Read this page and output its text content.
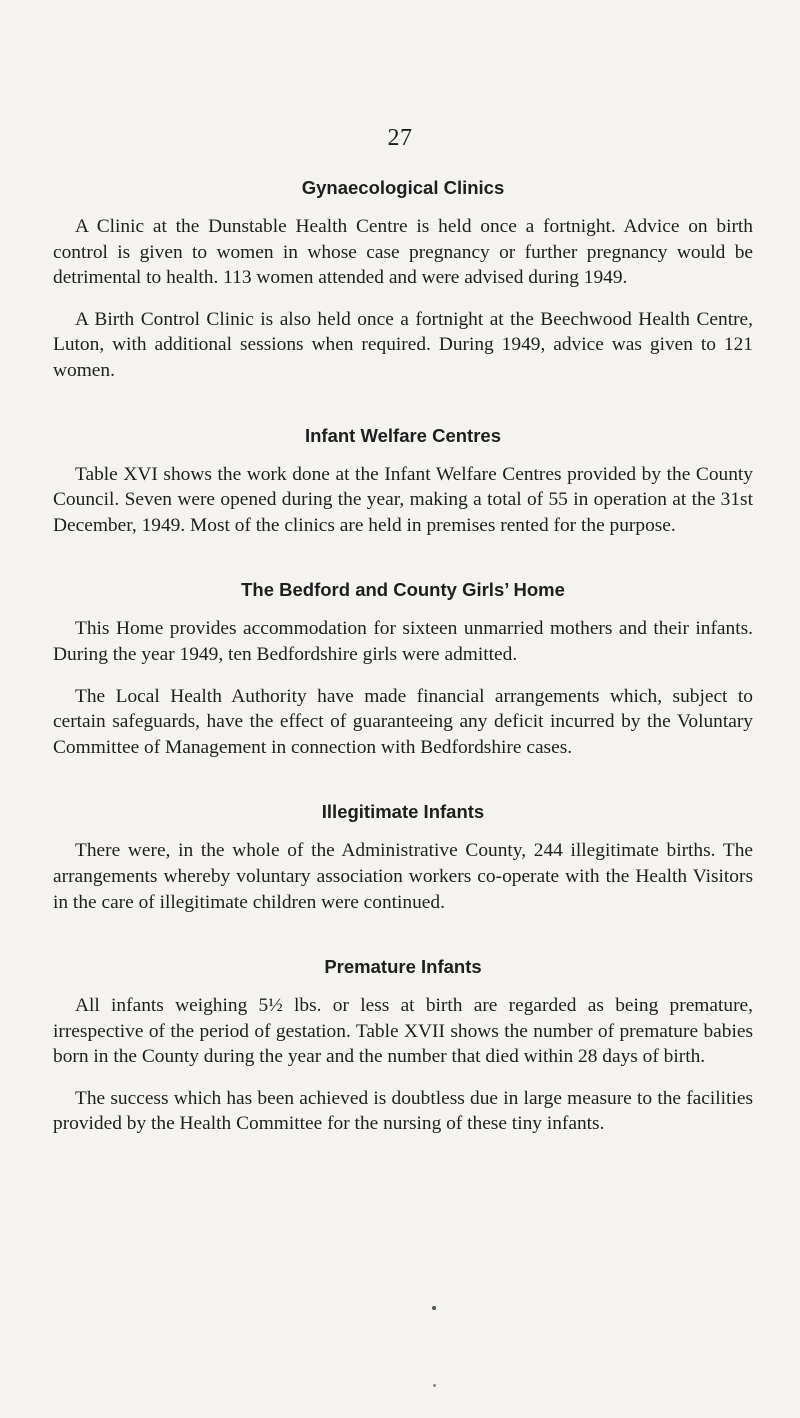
27
Gynaecological Clinics

A Clinic at the Dunstable Health Centre is held once a fortnight. Advice on birth control is given to women in whose case pregnancy or further pregnancy would be detrimental to health. 113 women attended and were advised during 1949.

A Birth Control Clinic is also held once a fortnight at the Beechwood Health Centre, Luton, with additional sessions when required. During 1949, advice was given to 121 women.

Infant Welfare Centres

Table XVI shows the work done at the Infant Welfare Centres provided by the County Council. Seven were opened during the year, making a total of 55 in operation at the 31st December, 1949. Most of the clinics are held in premises rented for the purpose.

The Bedford and County Girls’ Home

This Home provides accommodation for sixteen unmarried mothers and their infants. During the year 1949, ten Bedfordshire girls were admitted.

The Local Health Authority have made financial arrangements which, subject to certain safeguards, have the effect of guaranteeing any deficit incurred by the Voluntary Committee of Management in connection with Bedfordshire cases.

Illegitimate Infants

There were, in the whole of the Administrative County, 244 illegitimate births. The arrangements whereby voluntary association workers co-operate with the Health Visitors in the care of illegitimate children were continued.

Premature Infants

All infants weighing 5½ lbs. or less at birth are regarded as being premature, irrespective of the period of gestation. Table XVII shows the number of premature babies born in the County during the year and the number that died within 28 days of birth.

The success which has been achieved is doubtless due in large measure to the facilities provided by the Health Committee for the nursing of these tiny infants.
